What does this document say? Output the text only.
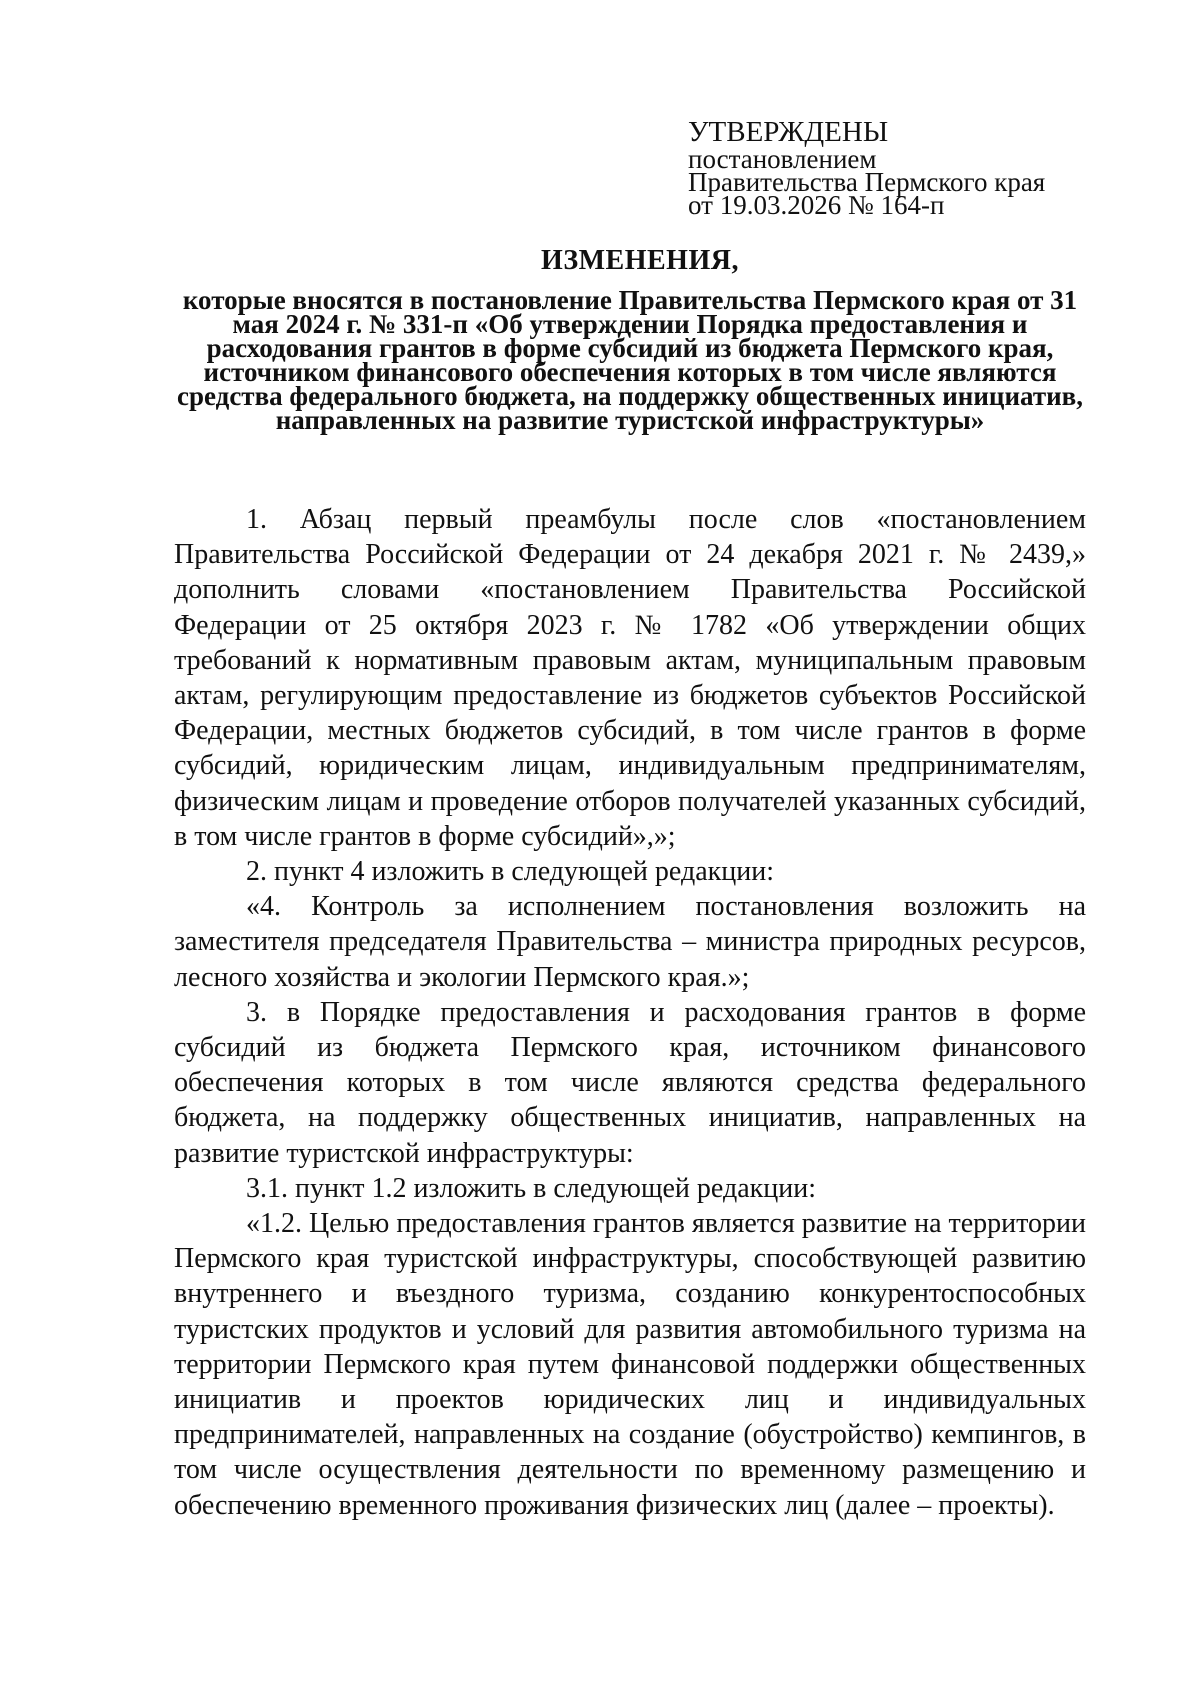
УТВЕРЖДЕНЫ
постановлением
Правительства Пермского края
от 19.03.2026 № 164-п
ИЗМЕНЕНИЯ,
которые вносятся в постановление Правительства Пермского края от 31 мая 2024 г. № 331-п «Об утверждении Порядка предоставления и расходования грантов в форме субсидий из бюджета Пермского края, источником финансового обеспечения которых в том числе являются средства федерального бюджета, на поддержку общественных инициатив, направленных на развитие туристской инфраструктуры»

1. Абзац первый преамбулы после слов «постановлением Правительства Российской Федерации от 24 декабря 2021 г. № 2439,» дополнить словами «постановлением Правительства Российской Федерации от 25 октября 2023 г. № 1782 «Об утверждении общих требований к нормативным правовым актам, муниципальным правовым актам, регулирующим предоставление из бюджетов субъектов Российской Федерации, местных бюджетов субсидий, в том числе грантов в форме субсидий, юридическим лицам, индивидуальным предпринимателям, физическим лицам и проведение отборов получателей указанных субсидий, в том числе грантов в форме субсидий»,»;

2. пункт 4 изложить в следующей редакции:

«4. Контроль за исполнением постановления возложить на заместителя председателя Правительства – министра природных ресурсов, лесного хозяйства и экологии Пермского края.»;

3. в Порядке предоставления и расходования грантов в форме субсидий из бюджета Пермского края, источником финансового обеспечения которых в том числе являются средства федерального бюджета, на поддержку общественных инициатив, направленных на развитие туристской инфраструктуры:

3.1. пункт 1.2 изложить в следующей редакции:

«1.2. Целью предоставления грантов является развитие на территории Пермского края туристской инфраструктуры, способствующей развитию внутреннего и въездного туризма, созданию конкурентоспособных туристских продуктов и условий для развития автомобильного туризма на территории Пермского края путем финансовой поддержки общественных инициатив и проектов юридических лиц и индивидуальных предпринимателей, направленных на создание (обустройство) кемпингов, в том числе осуществления деятельности по временному размещению и обеспечению временного проживания физических лиц (далее – проекты).
